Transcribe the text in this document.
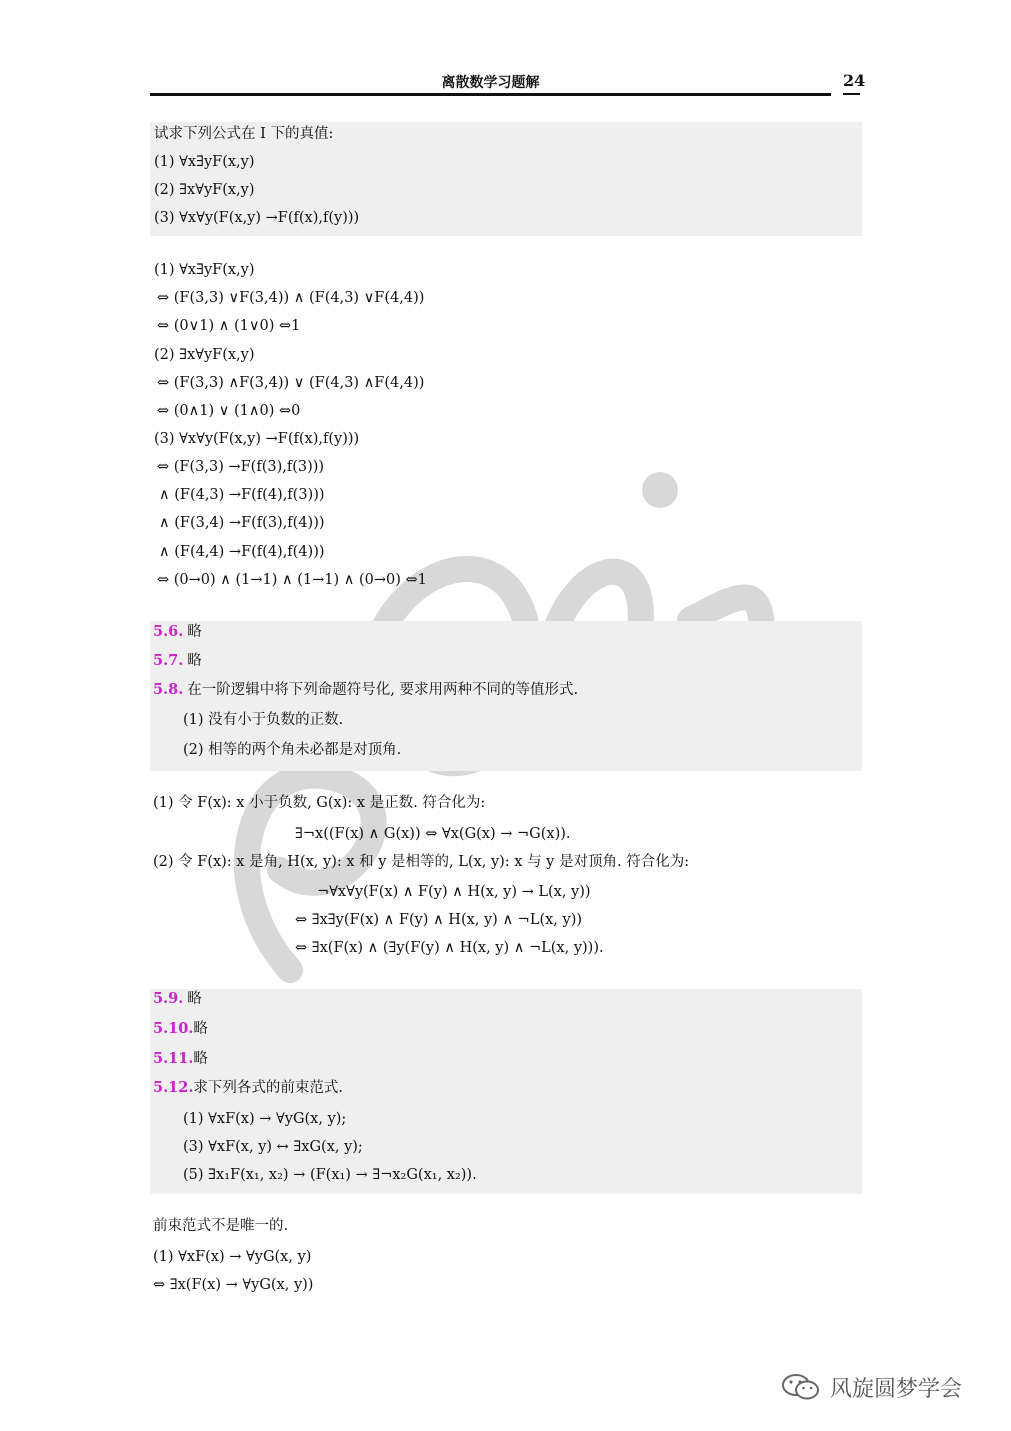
离散数学习题解	24
试求下列公式在 I 下的真值:
(1) ∀x∃yF(x,y)
(2) ∃x∀yF(x,y)
(3) ∀x∀y(F(x,y) →F(f(x),f(y)))
(1) ∀x∃yF(x,y)
⇔ (F(3,3) ∨F(3,4)) ∧ (F(4,3) ∨F(4,4))
⇔ (0∨1) ∧ (1∨0) ⇔1
(2) ∃x∀yF(x,y)
⇔ (F(3,3) ∧F(3,4)) ∨ (F(4,3) ∧F(4,4))
⇔ (0∧1) ∨ (1∧0) ⇔0
(3) ∀x∀y(F(x,y) →F(f(x),f(y)))
⇔ (F(3,3) →F(f(3),f(3)))
∧ (F(4,3) →F(f(4),f(3)))
∧ (F(3,4) →F(f(3),f(4)))
∧ (F(4,4) →F(f(4),f(4)))
⇔ (0→0) ∧ (1→1) ∧ (1→1) ∧ (0→0) ⇔1
5.6. 略
5.7. 略
5.8. 在一阶逻辑中将下列命题符号化, 要求用两种不同的等值形式.
(1) 没有小于负数的正数.
(2) 相等的两个角未必都是对顶角.
(1) 令 F(x): x 小于负数, G(x): x 是正数. 符合化为:
∃¬x((F(x) ∧ G(x)) ⇔ ∀x(G(x) → ¬G(x)).
(2) 令 F(x): x 是角, H(x, y): x 和 y 是相等的, L(x, y): x 与 y 是对顶角. 符合化为:
¬∀x∀y(F(x) ∧ F(y) ∧ H(x, y) → L(x, y))
⇔ ∃x∃y(F(x) ∧ F(y) ∧ H(x, y) ∧ ¬L(x, y))
⇔ ∃x(F(x) ∧ (∃y(F(y) ∧ H(x, y) ∧ ¬L(x, y))).
5.9. 略
5.10.略
5.11.略
5.12.求下列各式的前束范式.
(1) ∀xF(x) → ∀yG(x, y);
(3) ∀xF(x, y) ↔ ∃xG(x, y);
(5) ∃x₁F(x₁, x₂) → (F(x₁) → ∃¬x₂G(x₁, x₂)).
前束范式不是唯一的.
(1) ∀xF(x) → ∀yG(x, y)
⇔ ∃x(F(x) → ∀yG(x, y))
风旋圆梦学会
